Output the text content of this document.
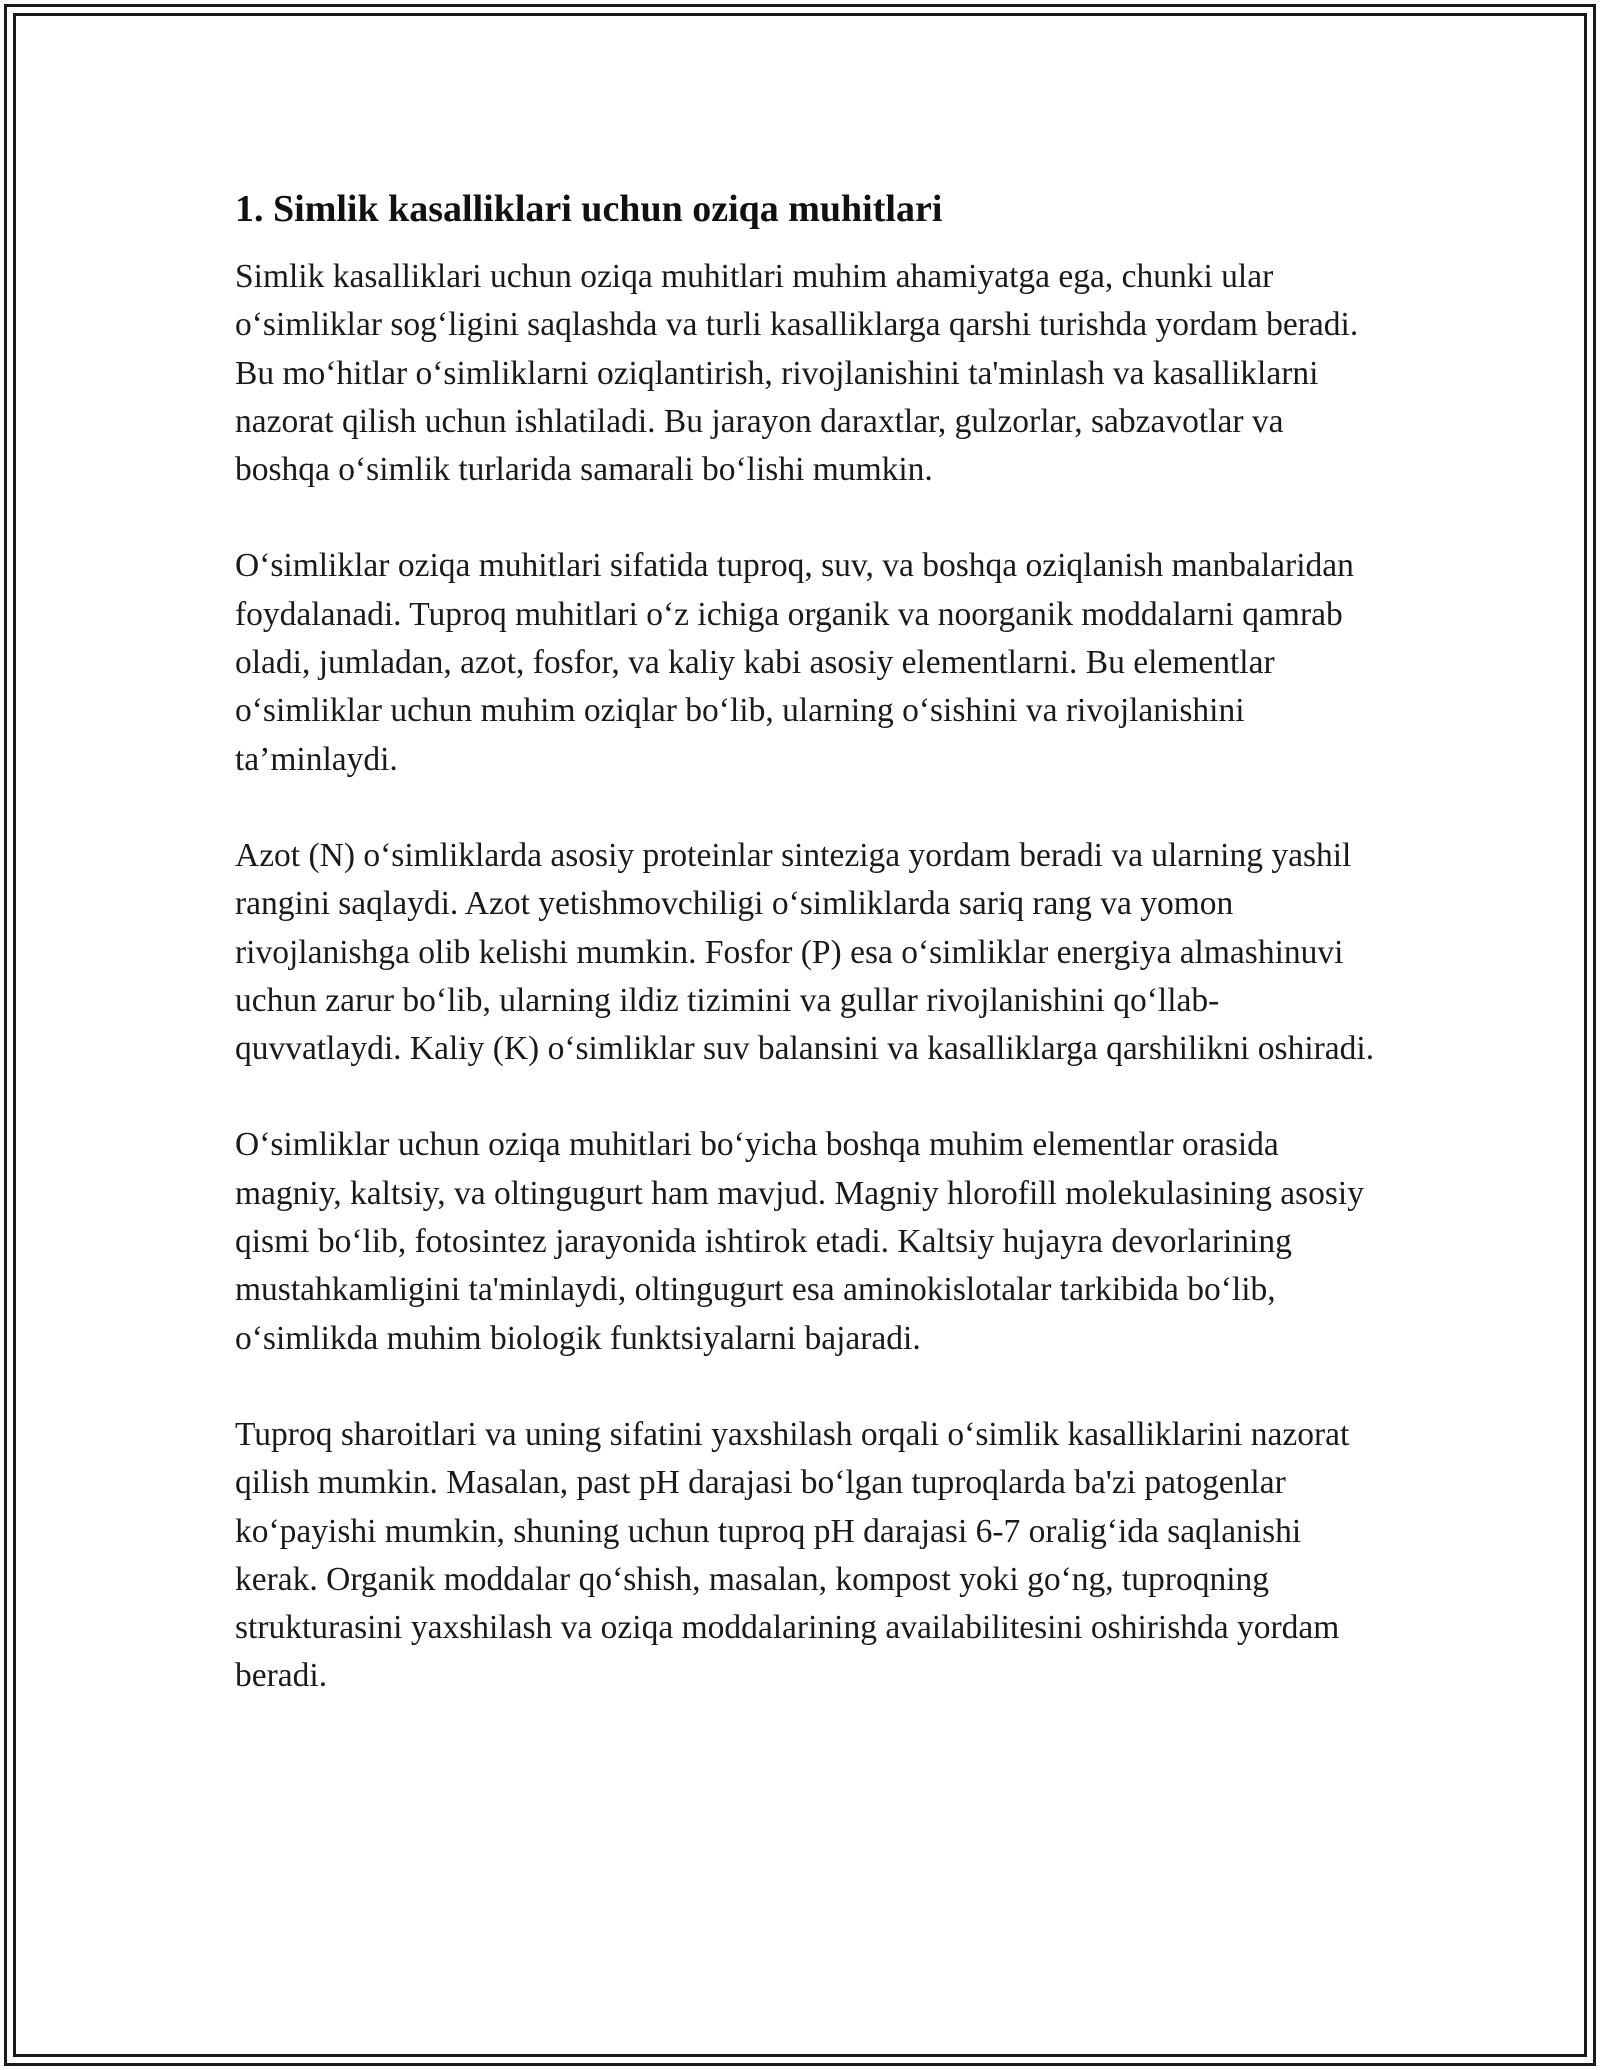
1. Simlik kasalliklari uchun oziqa muhitlari

Simlik kasalliklari uchun oziqa muhitlari muhim ahamiyatga ega, chunki ular o‘simliklar sog‘ligini saqlashda va turli kasalliklarga qarshi turishda yordam beradi. Bu mo‘hitlar o‘simliklarni oziqlantirish, rivojlanishini ta'minlash va kasalliklarni nazorat qilish uchun ishlatiladi. Bu jarayon daraxtlar, gulzorlar, sabzavotlar va boshqa o‘simlik turlarida samarali bo‘lishi mumkin.

O‘simliklar oziqa muhitlari sifatida tuproq, suv, va boshqa oziqlanish manbalaridan foydalanadi. Tuproq muhitlari o‘z ichiga organik va noorganik moddalarni qamrab oladi, jumladan, azot, fosfor, va kaliy kabi asosiy elementlarni. Bu elementlar o‘simliklar uchun muhim oziqlar bo‘lib, ularning o‘sishini va rivojlanishini ta’minlaydi.

Azot (N) o‘simliklarda asosiy proteinlar sinteziga yordam beradi va ularning yashil rangini saqlaydi. Azot yetishmovchiligi o‘simliklarda sariq rang va yomon rivojlanishga olib kelishi mumkin. Fosfor (P) esa o‘simliklar energiya almashinuvi uchun zarur bo‘lib, ularning ildiz tizimini va gullar rivojlanishini qo‘llab-quvvatlaydi. Kaliy (K) o‘simliklar suv balansini va kasalliklarga qarshilikni oshiradi.

O‘simliklar uchun oziqa muhitlari bo‘yicha boshqa muhim elementlar orasida magniy, kaltsiy, va oltingugurt ham mavjud. Magniy hlorofill molekulasining asosiy qismi bo‘lib, fotosintez jarayonida ishtirok etadi. Kaltsiy hujayra devorlarining mustahkamligini ta'minlaydi, oltingugurt esa aminokislotalar tarkibida bo‘lib, o‘simlikda muhim biologik funktsiyalarni bajaradi.

Tuproq sharoitlari va uning sifatini yaxshilash orqali o‘simlik kasalliklarini nazorat qilish mumkin. Masalan, past pH darajasi bo‘lgan tuproqlarda ba'zi patogenlar ko‘payishi mumkin, shuning uchun tuproq pH darajasi 6-7 oralig‘ida saqlanishi kerak. Organik moddalar qo‘shish, masalan, kompost yoki go‘ng, tuproqning strukturasini yaxshilash va oziqa moddalarining availabilitesini oshirishda yordam beradi.
